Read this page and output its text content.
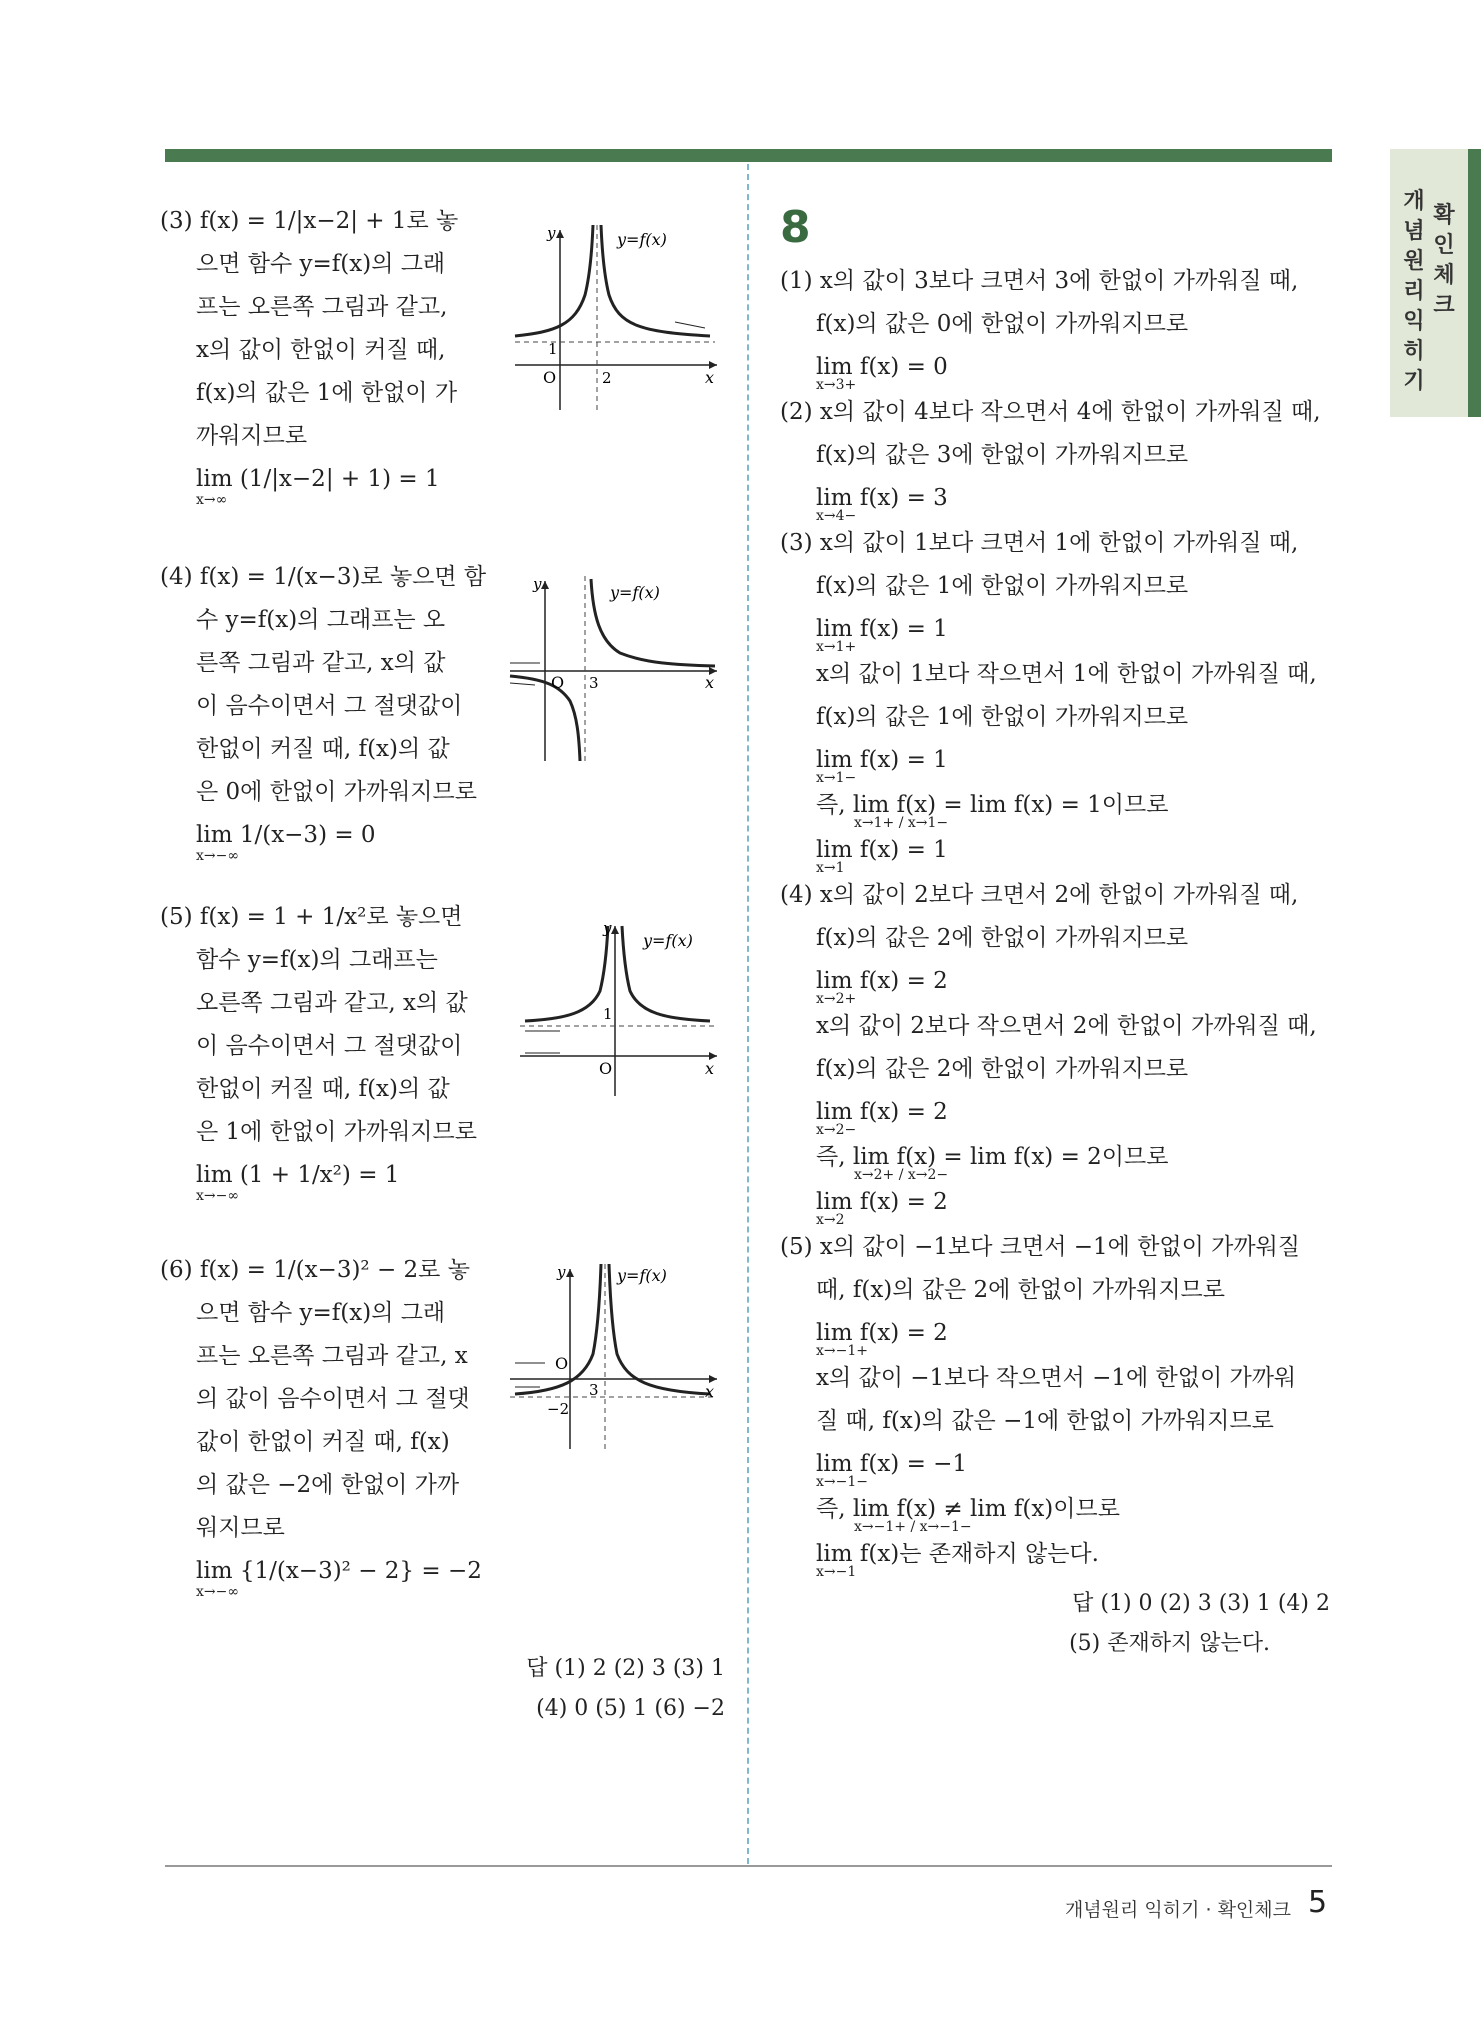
개
념
원
리
익
히
기
확
인
체
크
(3) f(x) = 1/|x−2| + 1로 놓
으면 함수 y=f(x)의 그래
프는 오른쪽 그림과 같고,
x의 값이 한없이 커질 때,
f(x)의 값은 1에 한없이 가
까워지므로
lim (1/|x−2| + 1) = 1
x→∞
y	y=f(x)
1
O	2	x
(4) f(x) = 1/(x−3)로 놓으면 함
수 y=f(x)의 그래프는 오
른쪽 그림과 같고, x의 값
이 음수이면서 그 절댓값이
한없이 커질 때, f(x)의 값
은 0에 한없이 가까워지므로
lim 1/(x−3) = 0
x→−∞
y	y=f(x)
O 3	x
(5) f(x) = 1 + 1/x²로 놓으면
함수 y=f(x)의 그래프는
오른쪽 그림과 같고, x의 값
이 음수이면서 그 절댓값이
한없이 커질 때, f(x)의 값
은 1에 한없이 가까워지므로
lim (1 + 1/x²) = 1
x→−∞
y
y=f(x)
1
O	x
(6) f(x) = 1/(x−3)² − 2로 놓
으면 함수 y=f(x)의 그래
프는 오른쪽 그림과 같고, x
의 값이 음수이면서 그 절댓
값이 한없이 커질 때, f(x)
의 값은 −2에 한없이 가까
워지므로
lim {1/(x−3)² − 2} = −2
x→−∞
y	y=f(x)
O
3
−2
x
답 (1) 2 (2) 3 (3) 1
(4) 0 (5) 1 (6) −2
8
(1) x의 값이 3보다 크면서 3에 한없이 가까워질 때,
f(x)의 값은 0에 한없이 가까워지므로
lim f(x) = 0
x→3+
(2) x의 값이 4보다 작으면서 4에 한없이 가까워질 때,
f(x)의 값은 3에 한없이 가까워지므로
lim f(x) = 3
x→4−
(3) x의 값이 1보다 크면서 1에 한없이 가까워질 때,
f(x)의 값은 1에 한없이 가까워지므로
lim f(x) = 1
x→1+
x의 값이 1보다 작으면서 1에 한없이 가까워질 때,
f(x)의 값은 1에 한없이 가까워지므로
lim f(x) = 1
x→1−
즉, lim f(x) = lim f(x) = 1이므로
x→1+ / x→1−
lim f(x) = 1
x→1
(4) x의 값이 2보다 크면서 2에 한없이 가까워질 때,
f(x)의 값은 2에 한없이 가까워지므로
lim f(x) = 2
x→2+
x의 값이 2보다 작으면서 2에 한없이 가까워질 때,
f(x)의 값은 2에 한없이 가까워지므로
lim f(x) = 2
x→2−
즉, lim f(x) = lim f(x) = 2이므로
x→2+ / x→2−
lim f(x) = 2
x→2
(5) x의 값이 −1보다 크면서 −1에 한없이 가까워질
때, f(x)의 값은 2에 한없이 가까워지므로
lim f(x) = 2
x→−1+
x의 값이 −1보다 작으면서 −1에 한없이 가까워
질 때, f(x)의 값은 −1에 한없이 가까워지므로
lim f(x) = −1
x→−1−
즉, lim f(x) ≠ lim f(x)이므로
x→−1+ / x→−1−
lim f(x)는 존재하지 않는다.
x→−1
답 (1) 0 (2) 3 (3) 1 (4) 2
(5) 존재하지 않는다.
개념원리 익히기 · 확인체크 5
